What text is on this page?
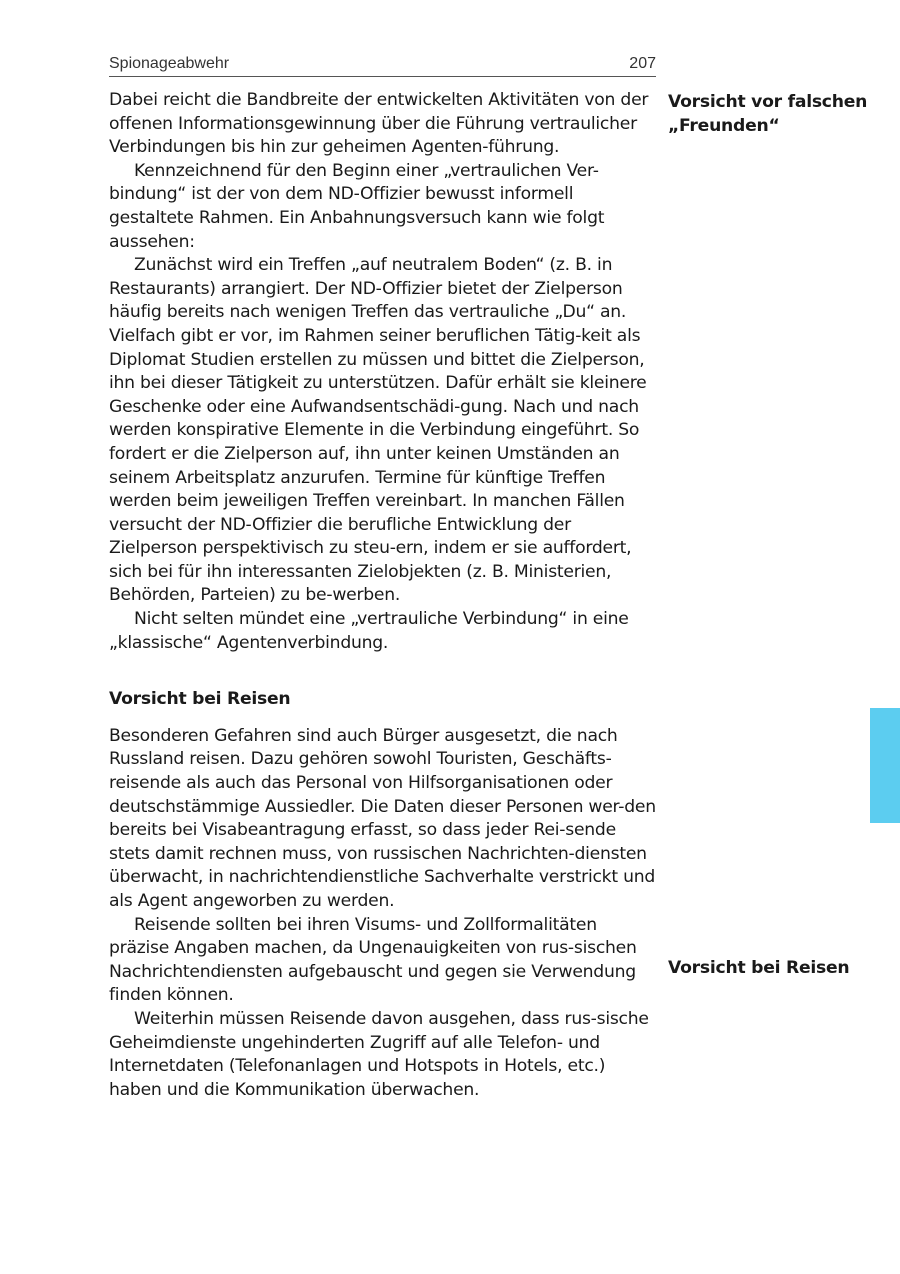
Spionageabwehr	207

Dabei reicht die Bandbreite der entwickelten Aktivitäten von der offenen Informationsgewinnung über die Führung vertraulicher Verbindungen bis hin zur geheimen Agenten-führung.

Kennzeichnend für den Beginn einer „vertraulichen Ver-bindung“ ist der von dem ND-Offizier bewusst informell gestaltete Rahmen. Ein Anbahnungsversuch kann wie folgt aussehen:

Zunächst wird ein Treffen „auf neutralem Boden“ (z. B. in Restaurants) arrangiert. Der ND-Offizier bietet der Zielperson häufig bereits nach wenigen Treffen das vertrauliche „Du“ an. Vielfach gibt er vor, im Rahmen seiner beruflichen Tätig-keit als Diplomat Studien erstellen zu müssen und bittet die Zielperson, ihn bei dieser Tätigkeit zu unterstützen. Dafür erhält sie kleinere Geschenke oder eine Aufwandsentschädi-gung. Nach und nach werden konspirative Elemente in die Verbindung eingeführt. So fordert er die Zielperson auf, ihn unter keinen Umständen an seinem Arbeitsplatz anzurufen. Termine für künftige Treffen werden beim jeweiligen Treffen vereinbart. In manchen Fällen versucht der ND-Offizier die berufliche Entwicklung der Zielperson perspektivisch zu steu-ern, indem er sie auffordert, sich bei für ihn interessanten Zielobjekten (z. B. Ministerien, Behörden, Parteien) zu be-werben.

Nicht selten mündet eine „vertrauliche Verbindung“ in eine „klassische“ Agentenverbindung.

Vorsicht bei Reisen

Besonderen Gefahren sind auch Bürger ausgesetzt, die nach Russland reisen. Dazu gehören sowohl Touristen, Geschäfts-reisende als auch das Personal von Hilfsorganisationen oder deutschstämmige Aussiedler. Die Daten dieser Personen wer-den bereits bei Visabeantragung erfasst, so dass jeder Rei-sende stets damit rechnen muss, von russischen Nachrichten-diensten überwacht, in nachrichtendienstliche Sachverhalte verstrickt und als Agent angeworben zu werden.

Reisende sollten bei ihren Visums- und Zollformalitäten präzise Angaben machen, da Ungenauigkeiten von rus-sischen Nachrichtendiensten aufgebauscht und gegen sie Verwendung finden können.

Weiterhin müssen Reisende davon ausgehen, dass rus-sische Geheimdienste ungehinderten Zugriff auf alle Telefon- und Internetdaten (Telefonanlagen und Hotspots in Hotels, etc.) haben und die Kommunikation überwachen.

Vorsicht vor falschen „Freunden“
Vorsicht bei Reisen
